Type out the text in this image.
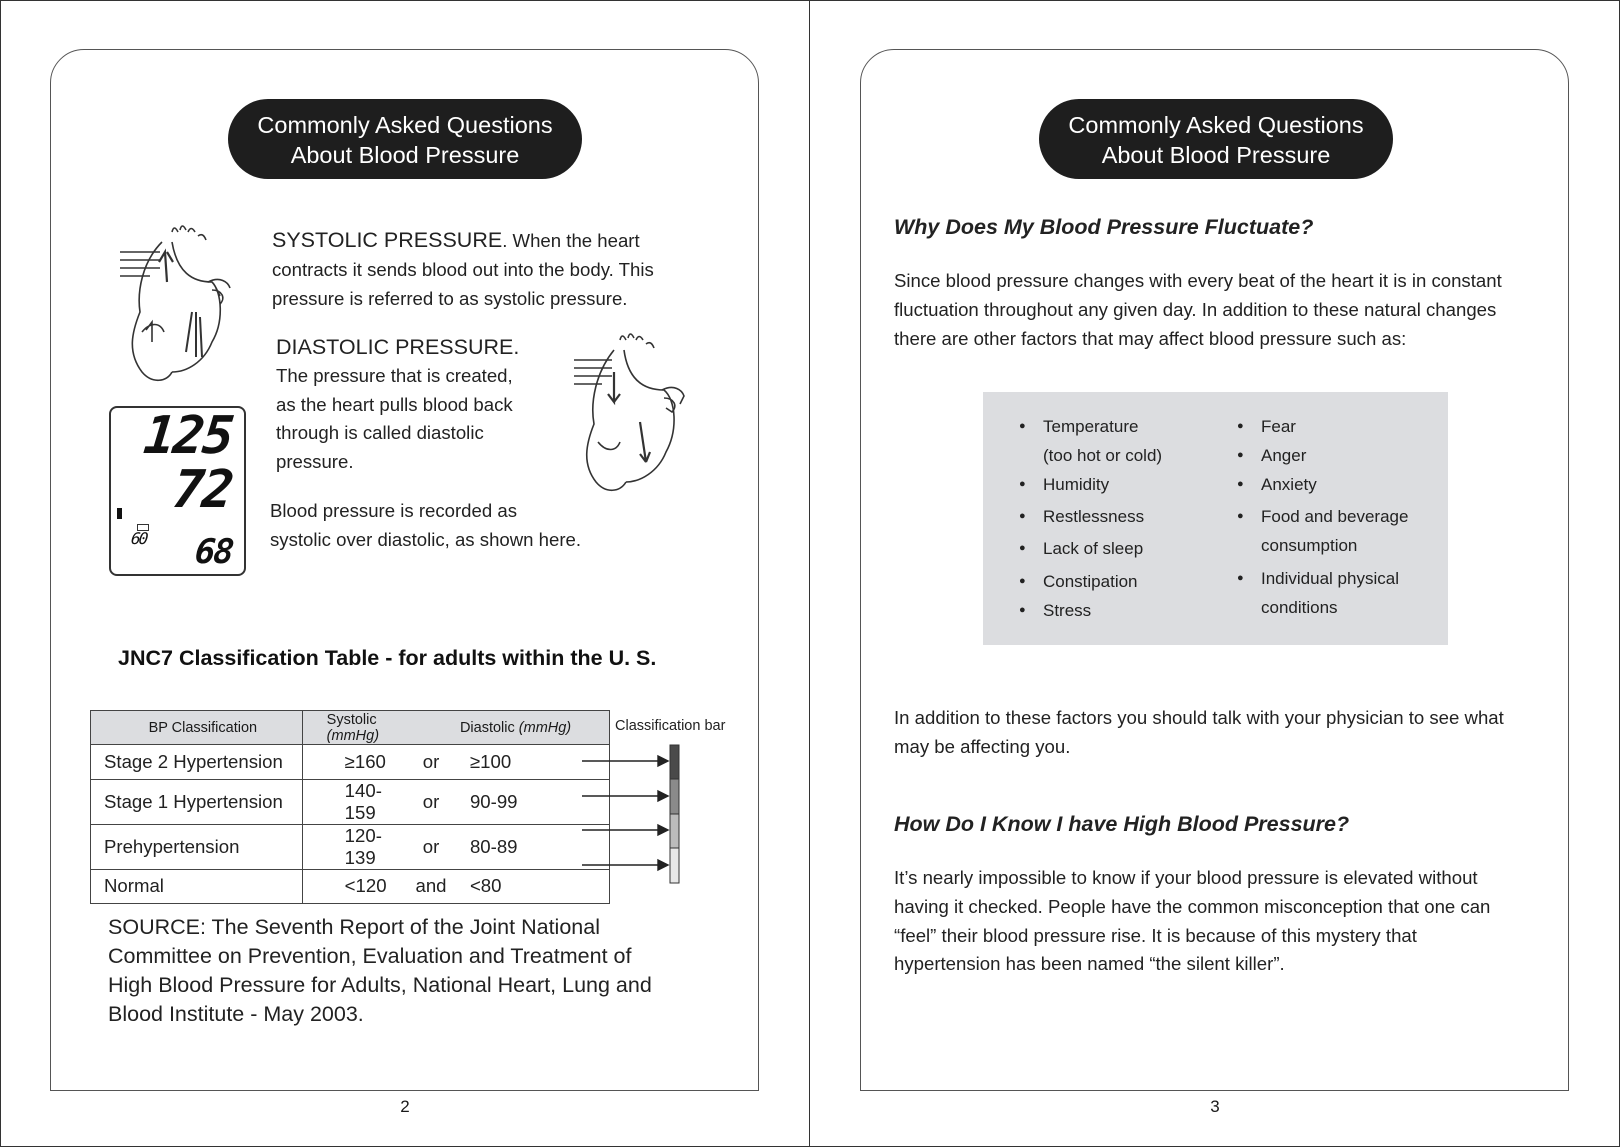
Commonly Asked Questions
About Blood Pressure
SYSTOLIC PRESSURE. When the heart
contracts it sends blood out into the body. This
pressure is referred to as systolic pressure.
DIASTOLIC PRESSURE.
The pressure that is created,
as the heart pulls blood back
through is called diastolic
pressure.
125
72
60 68
Blood pressure is recorded as
systolic over diastolic, as shown here.
JNC7 Classification Table - for adults within the U. S.
Classification bar
BP Classification	Systolic (mmHg)		Diastolic (mmHg)
Stage 2 Hypertension	≥160	or	≥100
Stage 1 Hypertension	140-159	or	90-99
Prehypertension	120-139	or	80-89
Normal	<120	and	<80
SOURCE: The Seventh Report of the Joint National
Committee on Prevention, Evaluation and Treatment of
High Blood Pressure for Adults, National Heart, Lung and
Blood Institute - May 2003.
2
Commonly Asked Questions
About Blood Pressure
Why Does My Blood Pressure Fluctuate?
Since blood pressure changes with every beat of the heart it is in constant
fluctuation throughout any given day. In addition to these natural changes
there are other factors that may affect blood pressure such as:
● Temperature
(too hot or cold)
● Humidity
● Restlessness
● Lack of sleep
● Constipation
● Stress
● Fear
● Anger
● Anxiety
● Food and beverage
consumption
● Individual physical
conditions
In addition to these factors you should talk with your physician to see what
may be affecting you.
How Do I Know I have High Blood Pressure?
It’s nearly impossible to know if your blood pressure is elevated without
having it checked. People have the common misconception that one can
“feel” their blood pressure rise. It is because of this mystery that
hypertension has been named “the silent killer”.
3
